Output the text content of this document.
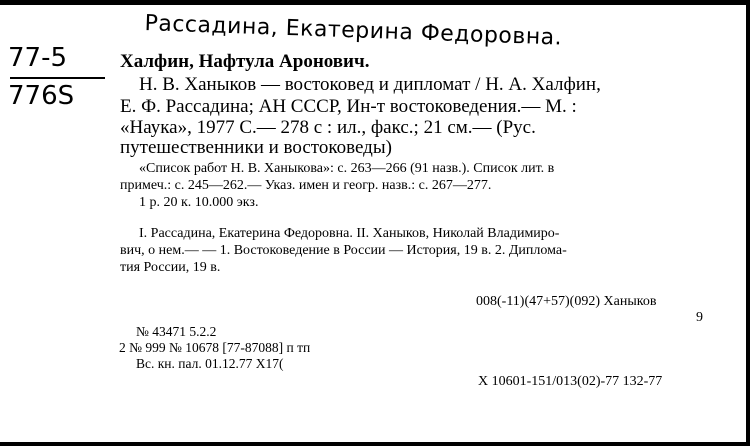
Рассадина, Екатерина Федоровна.
77-5
776S
Халфин, Нафтула Аронович.
Н. В. Ханыков — востоковед и дипломат / Н. А. Халфин,
Е. Ф. Рассадина; АН СССР, Ин-т востоковедения.— М. :
«Наука», 1977 С.— 278 с : ил., факс.; 21 см.— (Рус.
путешественники и востоковеды)
«Список работ Н. В. Ханыкова»: с. 263—266 (91 назв.). Список лит. в
примеч.: с. 245—262.— Указ. имен и геогр. назв.: с. 267—277.
1 р. 20 к. 10.000 экз.
I. Рассадина, Екатерина Федоровна. II. Ханыков, Николай Владимиро-
вич, о нем.— — 1. Востоковедение в России — История, 19 в. 2. Диплома-
тия России, 19 в.
008(-11)(47+57)(092) Ханыков
9
№ 43471 5.2.2
2 № 999 № 10678 [77-87088] п тп
Вс. кн. пал. 01.12.77 Х17(
Х 10601-151/013(02)-77 132-77
